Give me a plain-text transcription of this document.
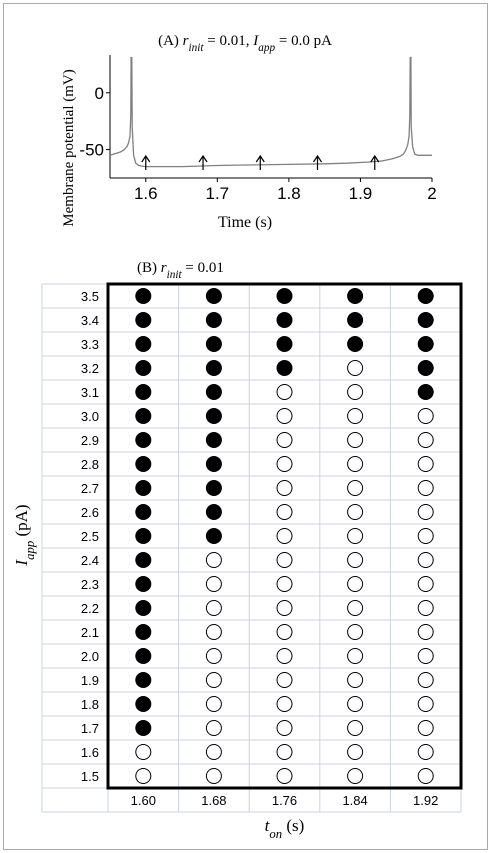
(A) $r_{init} = 0.01$, $I_{app} = 0.0$ pA
1.6	1.7	1.8	1.9	2
0
-50
Time (s)
Membrane potential (mV)
(B) $r_{init} = 0.01$
3.5
3.4
3.3
3.2
3.1
3.0
2.9
2.8
2.7
2.6
2.5
2.4
2.3
2.2
2.1
2.0
1.9
1.8
1.7
1.6
1.5
1.60	1.68	1.76	1.84	1.92
$t_{on}$ (s)
$I_{app}$ (pA)
